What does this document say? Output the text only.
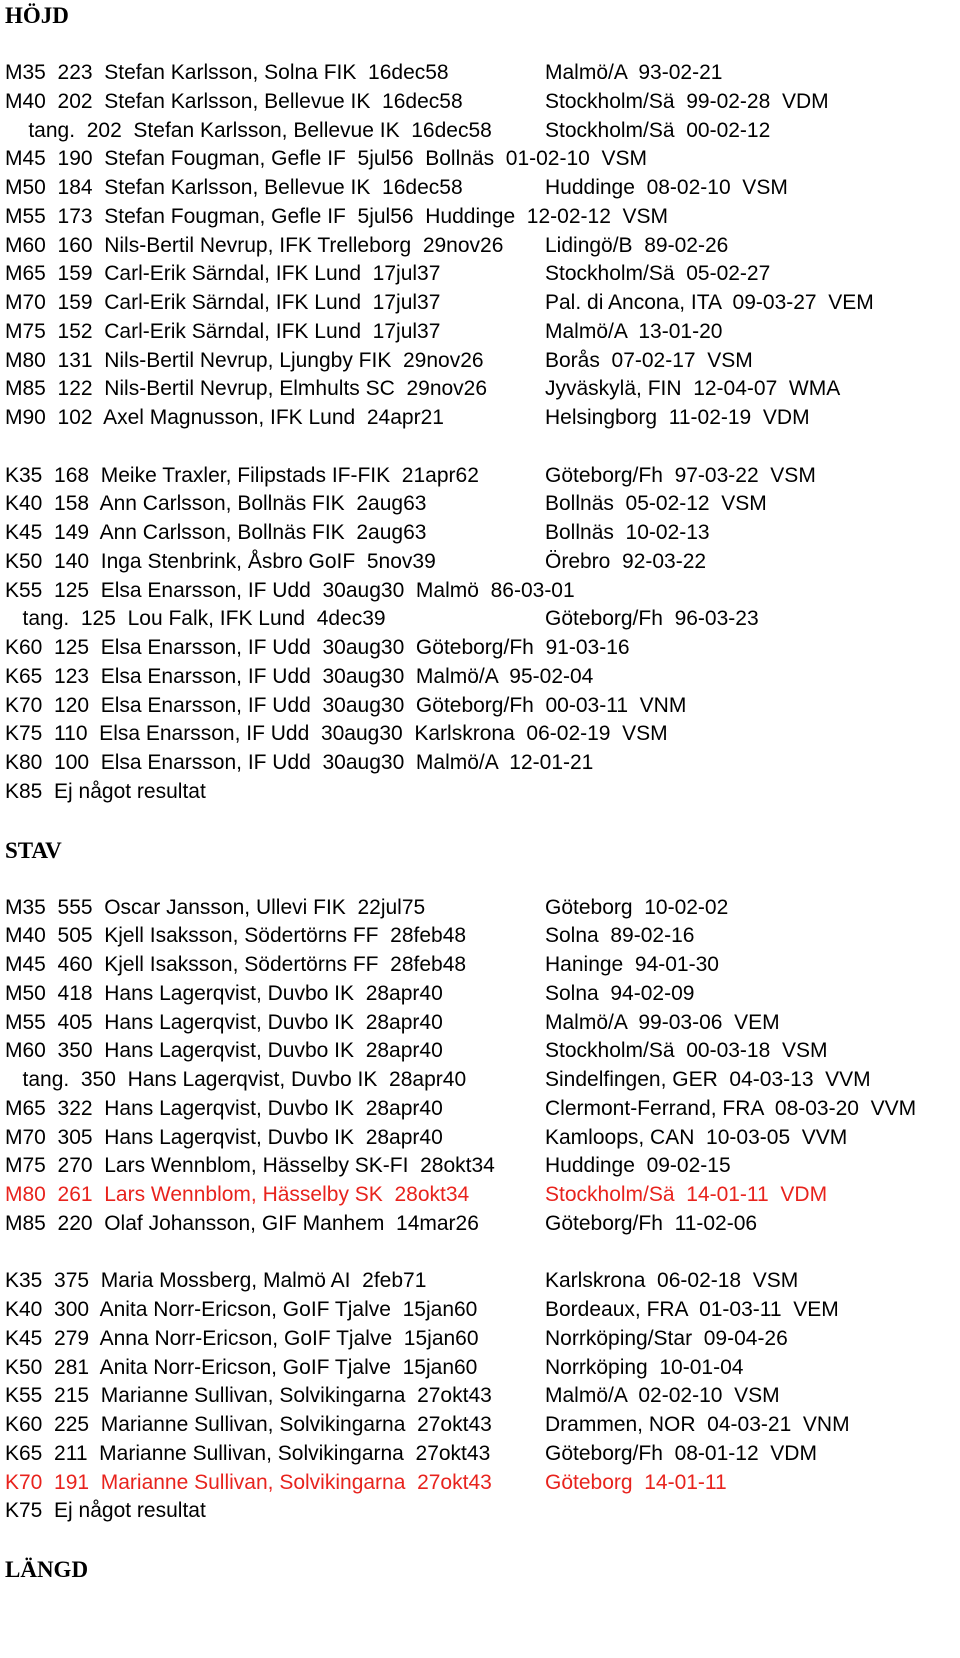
HÖJD
M35  223  Stefan Karlsson, Solna FIK  16dec58	Malmö/A  93-02-21
M40  202  Stefan Karlsson, Bellevue IK  16dec58	Stockholm/Sä  99-02-28  VDM
tang.  202  Stefan Karlsson, Bellevue IK  16dec58	Stockholm/Sä  00-02-12
M45  190  Stefan Fougman, Gefle IF  5jul56  Bollnäs  01-02-10  VSM
M50  184  Stefan Karlsson, Bellevue IK  16dec58	Huddinge  08-02-10  VSM
M55  173  Stefan Fougman, Gefle IF  5jul56  Huddinge  12-02-12  VSM
M60  160  Nils-Bertil Nevrup, IFK Trelleborg  29nov26 Lidingö/B  89-02-26
M65  159  Carl-Erik Särndal, IFK Lund  17jul37	Stockholm/Sä  05-02-27
M70  159  Carl-Erik Särndal, IFK Lund  17jul37	Pal. di Ancona, ITA  09-03-27  VEM
M75  152  Carl-Erik Särndal, IFK Lund  17jul37	Malmö/A  13-01-20
M80  131  Nils-Bertil Nevrup, Ljungby FIK  29nov26	Borås  07-02-17  VSM
M85  122  Nils-Bertil Nevrup, Elmhults SC  29nov26	Jyväskylä, FIN  12-04-07  WMA
M90  102  Axel Magnusson, IFK Lund  24apr21	Helsingborg  11-02-19  VDM
K35  168  Meike Traxler, Filipstads IF-FIK  21apr62	Göteborg/Fh  97-03-22  VSM
K40  158  Ann Carlsson, Bollnäs FIK  2aug63	Bollnäs  05-02-12  VSM
K45  149  Ann Carlsson, Bollnäs FIK  2aug63	Bollnäs  10-02-13
K50  140  Inga Stenbrink, Åsbro GoIF  5nov39	Örebro  92-03-22
K55  125  Elsa Enarsson, IF Udd  30aug30  Malmö  86-03-01
tang.  125  Lou Falk, IFK Lund  4dec39	Göteborg/Fh  96-03-23
K60  125  Elsa Enarsson, IF Udd  30aug30  Göteborg/Fh  91-03-16
K65  123  Elsa Enarsson, IF Udd  30aug30  Malmö/A  95-02-04
K70  120  Elsa Enarsson, IF Udd  30aug30  Göteborg/Fh  00-03-11  VNM
K75  110  Elsa Enarsson, IF Udd  30aug30  Karlskrona  06-02-19  VSM
K80  100  Elsa Enarsson, IF Udd  30aug30  Malmö/A  12-01-21
K85  Ej något resultat
STAV
M35  555  Oscar Jansson, Ullevi FIK  22jul75	Göteborg  10-02-02
M40  505  Kjell Isaksson, Södertörns FF  28feb48	Solna  89-02-16
M45  460  Kjell Isaksson, Södertörns FF  28feb48	Haninge  94-01-30
M50  418  Hans Lagerqvist, Duvbo IK  28apr40	Solna  94-02-09
M55  405  Hans Lagerqvist, Duvbo IK  28apr40	Malmö/A  99-03-06  VEM
M60  350  Hans Lagerqvist, Duvbo IK  28apr40	Stockholm/Sä  00-03-18  VSM
tang.  350  Hans Lagerqvist, Duvbo IK  28apr40	Sindelfingen, GER  04-03-13  VVM
M65  322  Hans Lagerqvist, Duvbo IK  28apr40	Clermont-Ferrand, FRA  08-03-20  VVM
M70  305  Hans Lagerqvist, Duvbo IK  28apr40	Kamloops, CAN  10-03-05  VVM
M75  270  Lars Wennblom, Hässelby SK-FI  28okt34 Huddinge  09-02-15
M80  261  Lars Wennblom, Hässelby SK  28okt34	Stockholm/Sä  14-01-11  VDM
M85  220  Olaf Johansson, GIF Manhem  14mar26	Göteborg/Fh  11-02-06
K35  375  Maria Mossberg, Malmö AI  2feb71	Karlskrona  06-02-18  VSM
K40  300  Anita Norr-Ericson, GoIF Tjalve  15jan60	Bordeaux, FRA  01-03-11  VEM
K45  279  Anna Norr-Ericson, GoIF Tjalve  15jan60	Norrköping/Star  09-04-26
K50  281  Anita Norr-Ericson, GoIF Tjalve  15jan60	Norrköping  10-01-04
K55  215  Marianne Sullivan, Solvikingarna  27okt43	Malmö/A  02-02-10  VSM
K60  225  Marianne Sullivan, Solvikingarna  27okt43	Drammen, NOR  04-03-21  VNM
K65  211  Marianne Sullivan, Solvikingarna  27okt43	Göteborg/Fh  08-01-12  VDM
K70  191  Marianne Sullivan, Solvikingarna  27okt43	Göteborg  14-01-11
K75  Ej något resultat
LÄNGD
